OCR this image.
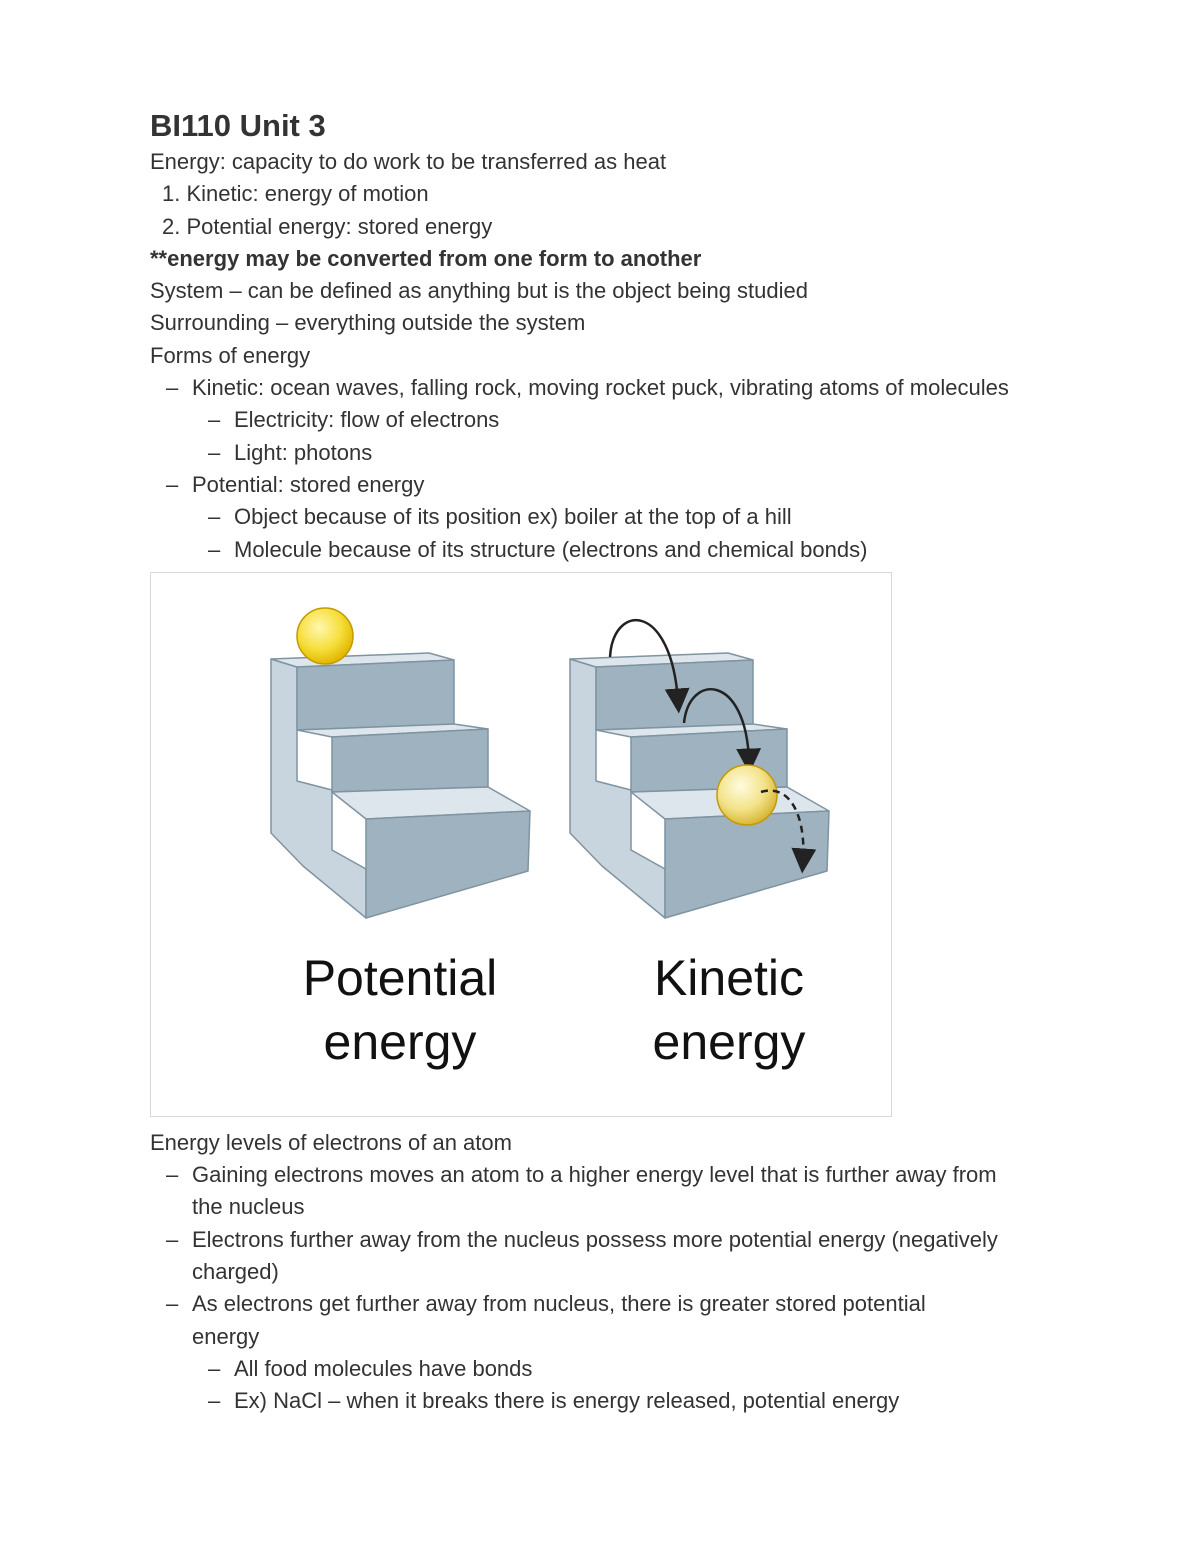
BI110 Unit 3
Energy: capacity to do work to be transferred as heat
1. Kinetic: energy of motion
2. Potential energy: stored energy
**energy may be converted from one form to another
System – can be defined as anything but is the object being studied
Surrounding – everything outside the system
Forms of energy
– Kinetic: ocean waves, falling rock, moving rocket puck, vibrating atoms of molecules
– Electricity: flow of electrons
– Light: photons
– Potential: stored energy
– Object because of its position ex) boiler at the top of a hill
– Molecule because of its structure (electrons and chemical bonds)
Potential
energy
Kinetic
energy
Energy levels of electrons of an atom
– Gaining electrons moves an atom to a higher energy level that is further away from the nucleus
– Electrons further away from the nucleus possess more potential energy (negatively charged)
– As electrons get further away from nucleus, there is greater stored potential energy
– All food molecules have bonds
– Ex) NaCl – when it breaks there is energy released, potential energy
